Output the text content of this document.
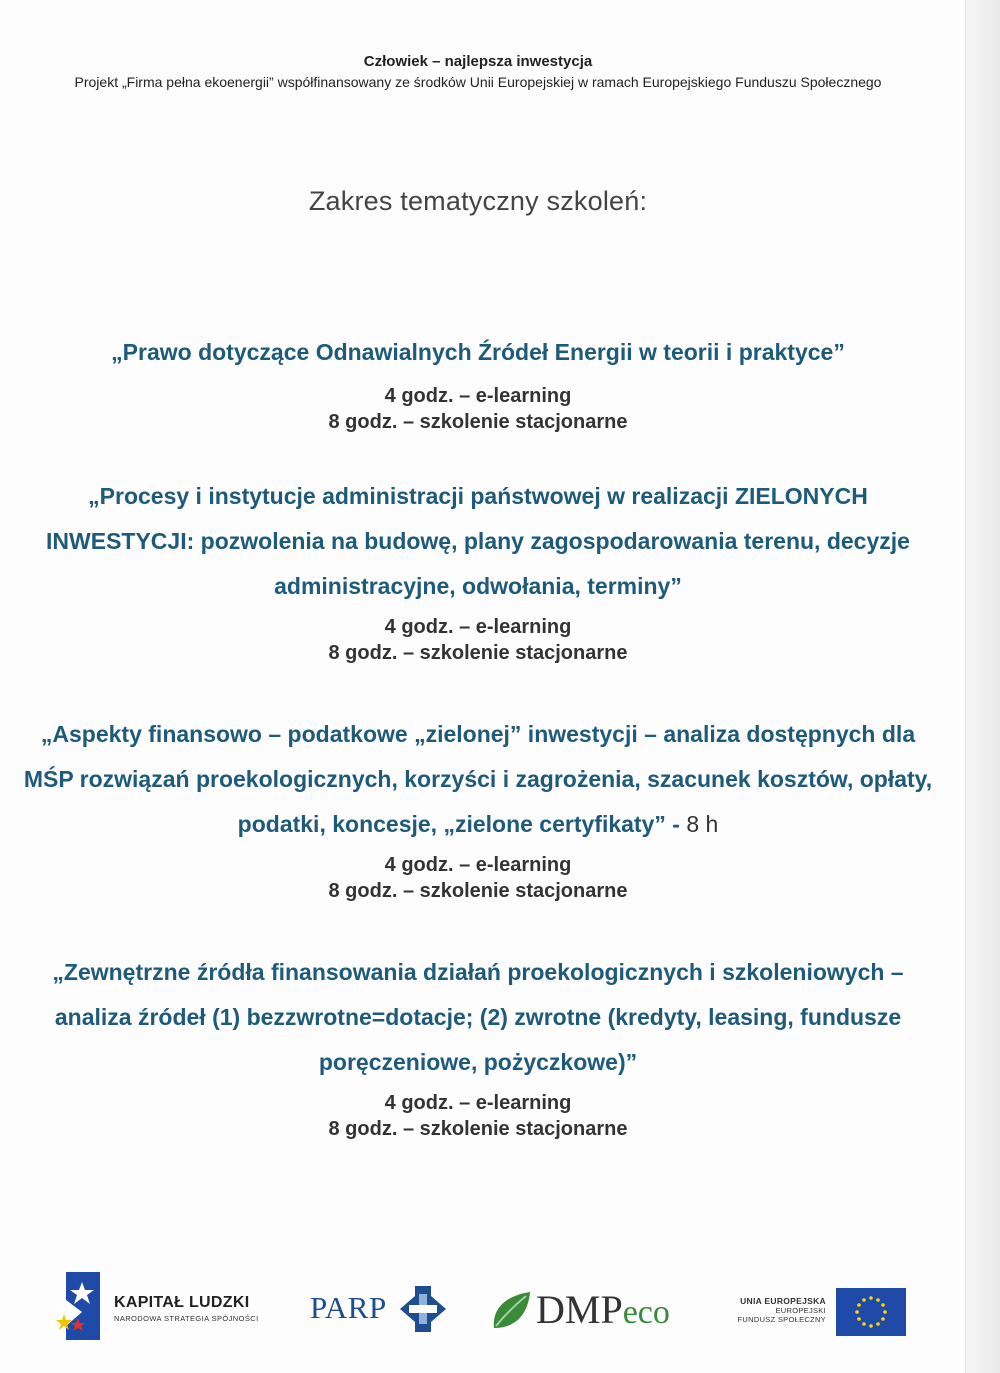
Człowiek – najlepsza inwestycja
Projekt „Firma pełna ekoenergii” współfinansowany ze środków Unii Europejskiej w ramach Europejskiego Funduszu Społecznego
Zakres tematyczny szkoleń:
„Prawo dotyczące Odnawialnych Źródeł Energii w teorii i praktyce”
4 godz. – e-learning
8 godz. – szkolenie stacjonarne
„Procesy i instytucje administracji państwowej w realizacji ZIELONYCH INWESTYCJI: pozwolenia na budowę, plany zagospodarowania terenu, decyzje administracyjne, odwołania, terminy”
4 godz. – e-learning
8 godz. – szkolenie stacjonarne
„Aspekty finansowo – podatkowe „zielonej” inwestycji – analiza dostępnych dla MŚP rozwiązań proekologicznych, korzyści i zagrożenia, szacunek kosztów, opłaty, podatki, koncesje, „zielone certyfikaty” - 8 h
4 godz. – e-learning
8 godz. – szkolenie stacjonarne
„Zewnętrzne źródła finansowania działań proekologicznych i szkoleniowych – analiza źródeł (1) bezzwrotne=dotacje; (2) zwrotne (kredyty, leasing, fundusze poręczeniowe, pożyczkowe)”
4 godz. – e-learning
8 godz. – szkolenie stacjonarne
KAPITAŁ LUDZKI
NARODOWA STRATEGIA SPÓJNOŚCI PARP	DMPeco	UNIA EUROPEJSKA
EUROPEJSKI
FUNDUSZ SPOŁECZNY
